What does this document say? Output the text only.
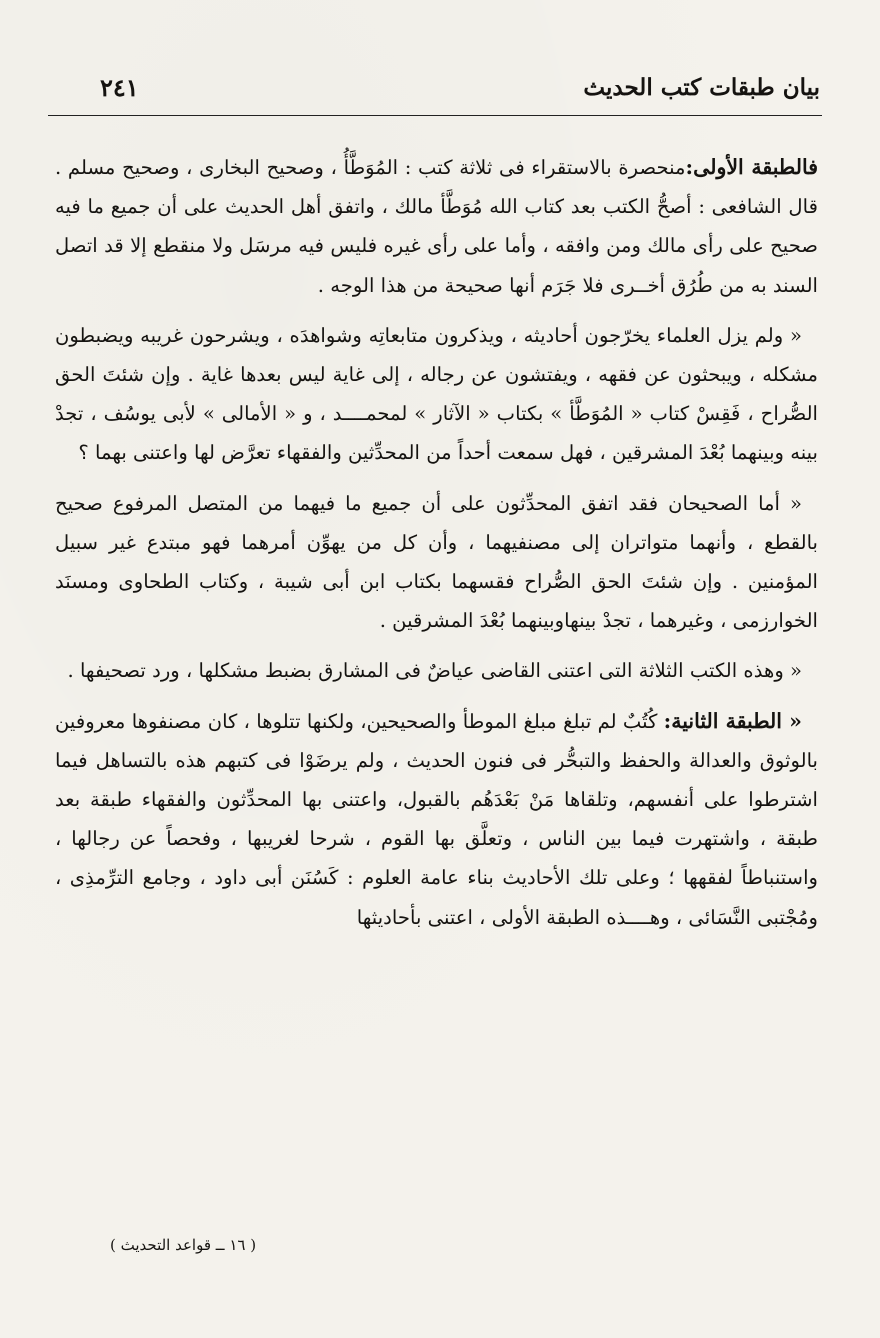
بيان طبقات كتب الحديث
٢٤١

فالطبقة الأولى:منحصرة بالاستقراء فى ثلاثة كتب : المُوَطَّأُ ، وصحيح البخارى ، وصحيح مسلم . قال الشافعى : أصحُّ الكتب بعد كتاب الله مُوَطَّأ مالك ، واتفق أهل الحديث على أن جميع ما فيه صحيح على رأى مالك ومن وافقه ، وأما على رأى غيره فليس فيه مرسَل ولا منقطع إلا قد اتصل السند به من طُرُق أخــرى فلا جَرَم أنها صحيحة من هذا الوجه .

« ولم يزل العلماء يخرّجون أحاديثه ، ويذكرون متابعاتِه وشواهدَه ، ويشرحون غريبه ويضبطون مشكله ، ويبحثون عن فقهه ، ويفتشون عن رجاله ، إلى غاية ليس بعدها غاية . وإن شئتَ الحق الصُّراح ، فَقِسْ كتاب « المُوَطَّأ » بكتاب « الآثار » لمحمــــد ، و « الأمالى » لأبى يوسُف ، تجدْ بينه وبينهما بُعْدَ المشرقين ، فهل سمعت أحداً من المحدِّثين والفقهاء تعرَّض لها واعتنى بهما ؟

« أما الصحيحان فقد اتفق المحدِّثون على أن جميع ما فيهما من المتصل المرفوع صحيح بالقطع ، وأنهما متواتران إلى مصنفيهما ، وأن كل من يهوِّن أمرهما فهو مبتدع غير سبيل المؤمنين . وإن شئتَ الحق الصُّراح فقسهما بكتاب ابن أبى شيبة ، وكتاب الطحاوى ومسنَد الخوارزمى ، وغيرهما ، تجدْ بينهاوبينهما بُعْدَ المشرقين .

« وهذه الكتب الثلاثة التى اعتنى القاضى عياضٌ فى المشارق بضبط مشكلها ، ورد تصحيفها .

« الطبقة الثانية: كُتُبٌ لم تبلغ مبلغ الموطأ والصحيحين، ولكنها تتلوها ، كان مصنفوها معروفين بالوثوق والعدالة والحفظ والتبحُّر فى فنون الحديث ، ولم يرضَوْا فى كتبهم هذه بالتساهل فيما اشترطوا على أنفسهم، وتلقاها مَنْ بَعْدَهُم بالقبول، واعتنى بها المحدِّثون والفقهاء طبقة بعد طبقة ، واشتهرت فيما بين الناس ، وتعلَّق بها القوم ، شرحا لغريبها ، وفحصاً عن رجالها ، واستنباطاً لفقهها ؛ وعلى تلك الأحاديث بناء عامة العلوم : كَسُنَن أبى داود ، وجامع الترِّمذِى ، ومُجْتبى النَّسَائى ، وهــــذه الطبقة الأولى ، اعتنى بأحاديثها

( ١٦ ــ قواعد التحديث )
